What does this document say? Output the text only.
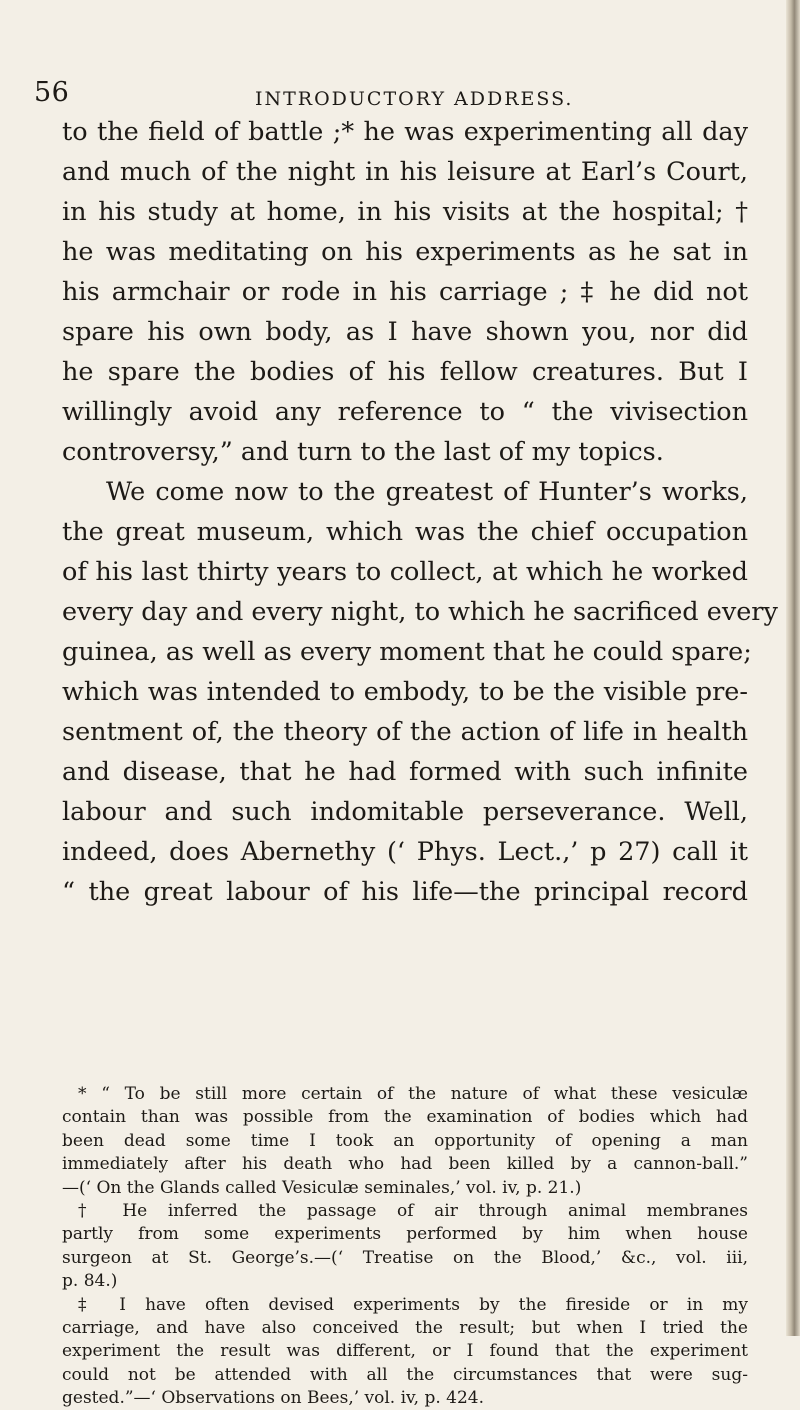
56	INTRODUCTORY ADDRESS.
to the field of battle ;* he was experimenting all day
and much of the night in his leisure at Earl’s Court,
in his study at home, in his visits at the hospital; †
he was meditating on his experiments as he sat in
his armchair or rode in his carriage ; ‡ he did not
spare his own body, as I have shown you, nor did
he spare the bodies of his fellow creatures. But I
willingly avoid any reference to “ the vivisection
controversy,” and turn to the last of my topics.
We come now to the greatest of Hunter’s works,
the great museum, which was the chief occupation
of his last thirty years to collect, at which he worked
every day and every night, to which he sacrificed every
guinea, as well as every moment that he could spare;
which was intended to embody, to be the visible pre-
sentment of, the theory of the action of life in health
and disease, that he had formed with such infinite
labour and such indomitable perseverance. Well,
indeed, does Abernethy (‘ Phys. Lect.,’ p 27) call it
“ the great labour of his life—the principal record
* “ To be still more certain of the nature of what these vesiculæ
contain than was possible from the examination of bodies which had
been dead some time I took an opportunity of opening a man
immediately after his death who had been killed by a cannon-ball.”
—(‘ On the Glands called Vesiculæ seminales,’ vol. iv, p. 21.)
† He inferred the passage of air through animal membranes
partly from some experiments performed by him when house
surgeon at St. George’s.—(‘ Treatise on the Blood,’ &c., vol. iii,
p. 84.)
‡ I have often devised experiments by the fireside or in my
carriage, and have also conceived the result; but when I tried the
experiment the result was different, or I found that the experiment
could not be attended with all the circumstances that were sug-
gested.”—‘ Observations on Bees,’ vol. iv, p. 424.
